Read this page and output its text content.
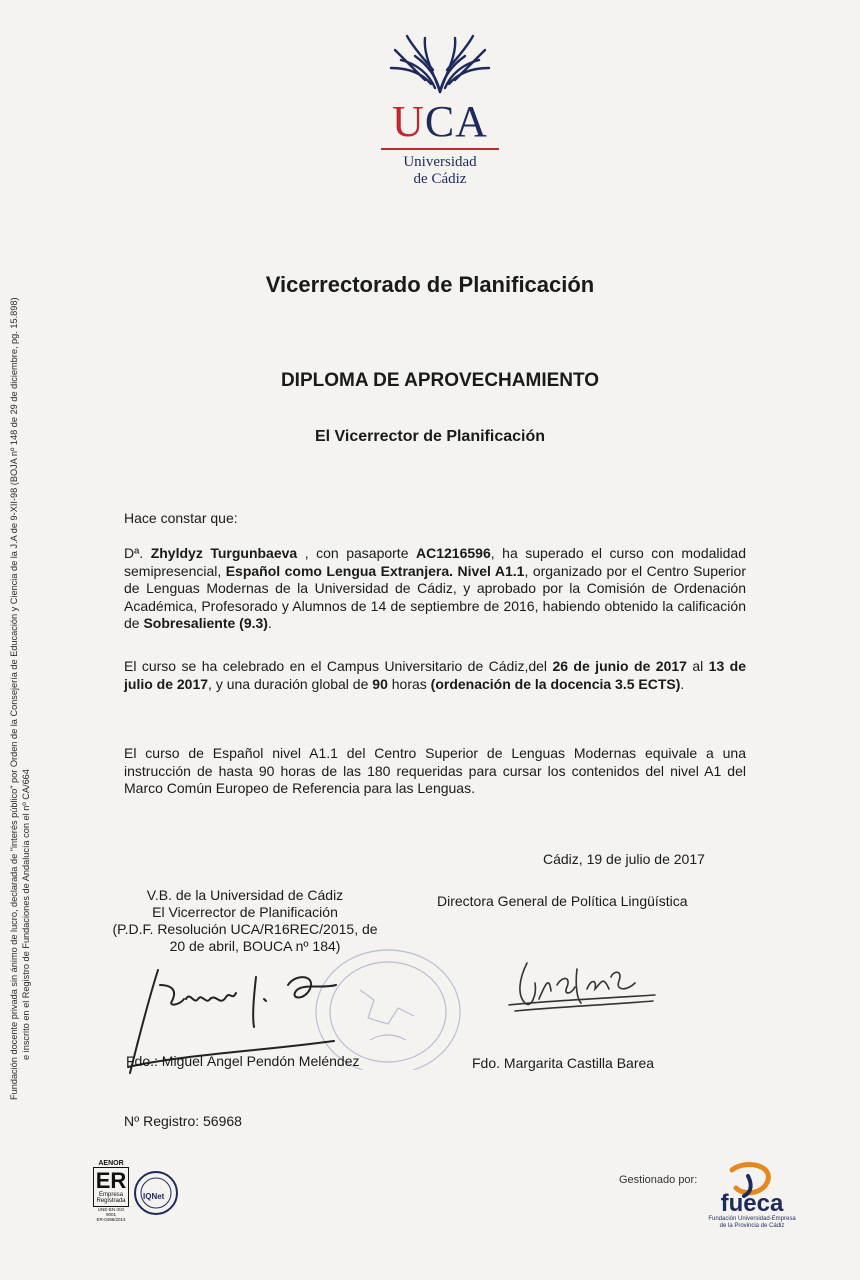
Fundación docente privada sin ánimo de lucro, declarada de "interés público" por Orden de la Consejería de Educación y Ciencia de la J.A de 9-XII-98 (BOJA nº 148 de 29 de diciembre, pg. 15.898) e inscrito en el Registro de Fundaciones de Andalucía con el nº CA/664
UCA
Universidad
de Cádiz
Vicerrectorado de Planificación
DIPLOMA DE APROVECHAMIENTO
El Vicerrector de Planificación
Hace constar que:
Dª. Zhyldyz Turgunbaeva , con pasaporte AC1216596, ha superado el curso con modalidad semipresencial, Español como Lengua Extranjera. Nivel A1.1, organizado por el Centro Superior de Lenguas Modernas de la Universidad de Cádiz, y aprobado por la Comisión de Ordenación Académica, Profesorado y Alumnos de 14 de septiembre de 2016, habiendo obtenido la calificación de Sobresaliente (9.3).
El curso se ha celebrado en el Campus Universitario de Cádiz,del 26 de junio de 2017 al 13 de julio de 2017, y una duración global de 90 horas (ordenación de la docencia 3.5 ECTS).
El curso de Español nivel A1.1 del Centro Superior de Lenguas Modernas equivale a una instrucción de hasta 90 horas de las 180 requeridas para cursar los contenidos del nivel A1 del Marco Común Europeo de Referencia para las Lenguas.
Cádiz, 19 de julio de 2017
V.B. de la Universidad de Cádiz
El Vicerrector de Planificación
(P.D.F. Resolución UCA/R16REC/2015, de
20 de abril, BOUCA nº 184)
Directora General de Política Lingüística
Fdo.: Miguel Ángel Pendón Meléndez	Fdo. Margarita Castilla Barea
Nº Registro: 56968
AENOR
ER
Empresa
Registrada
UNE-EN ISO 9001
ER-0496/2014
IQNet
Gestionado por:
fueca
Fundación Universidad-Empresa
de la Provincia de Cádiz
